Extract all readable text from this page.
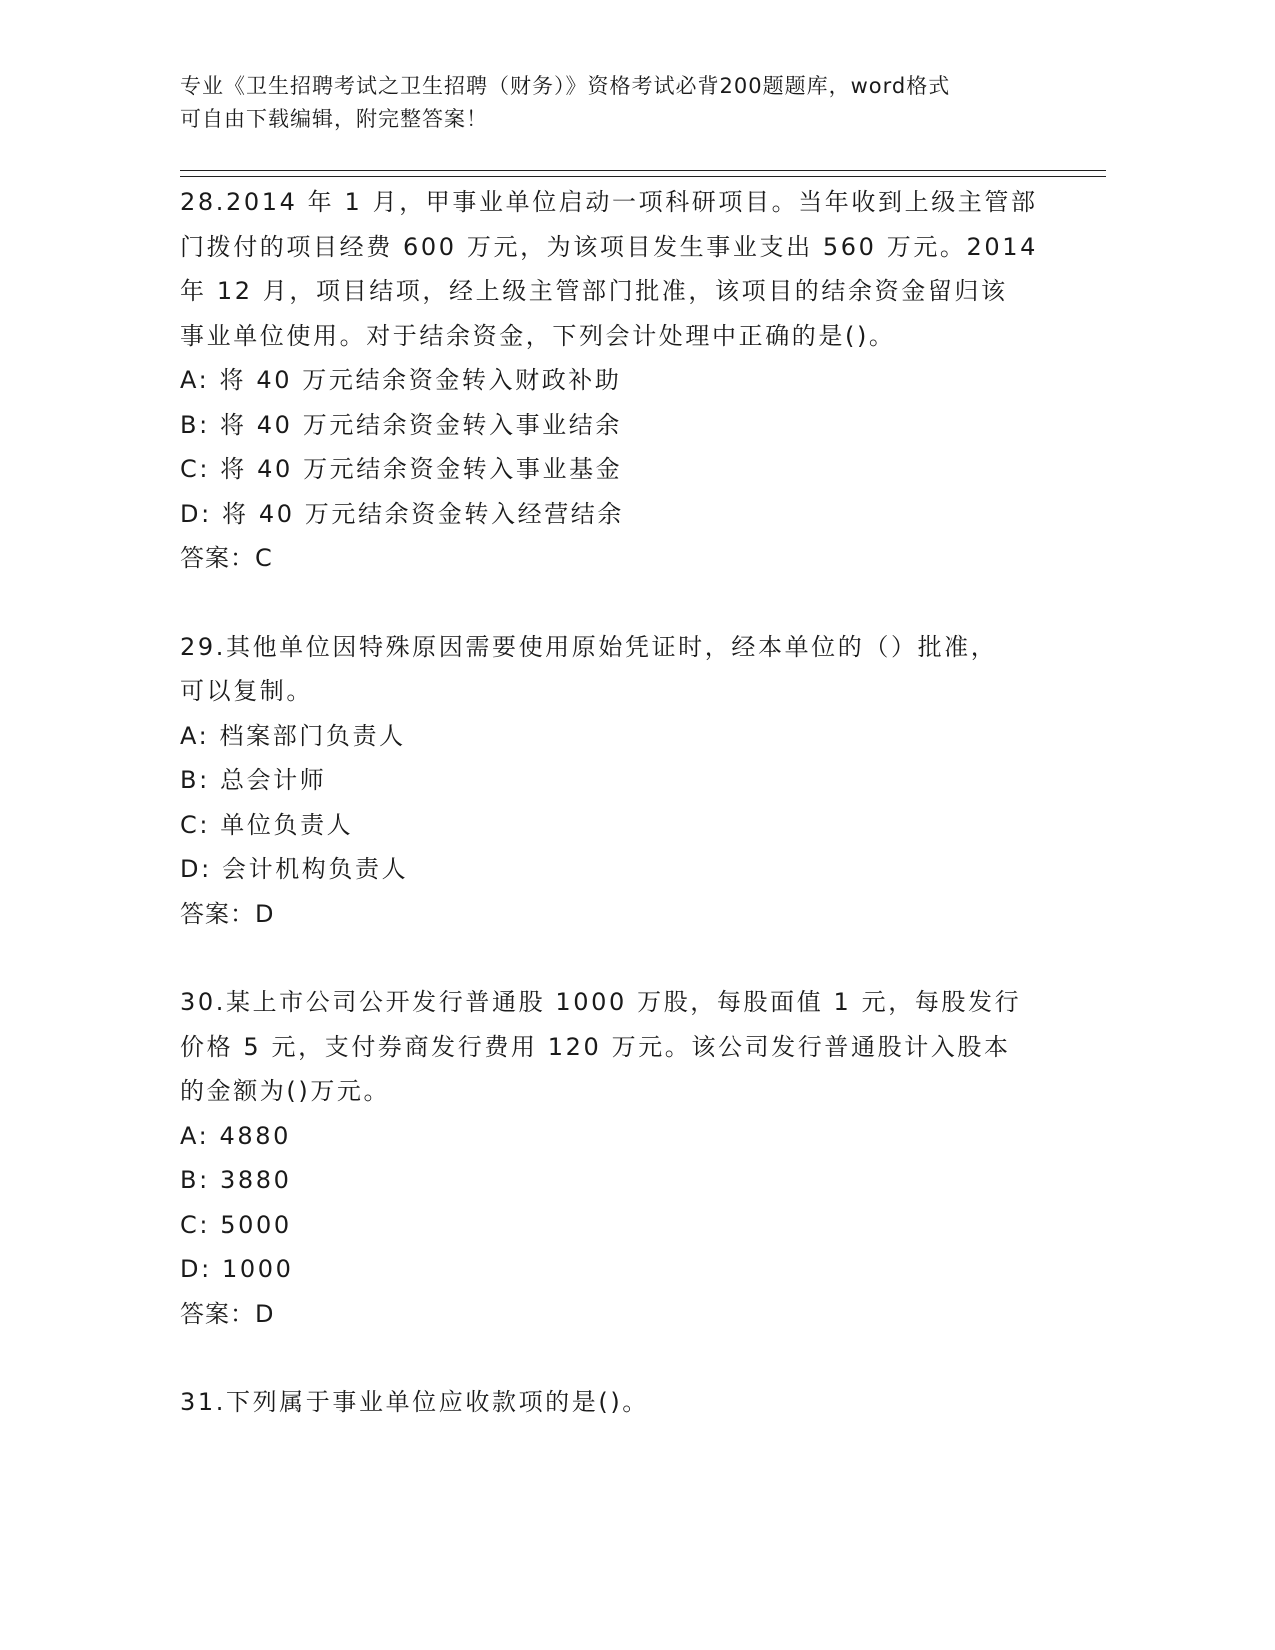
专业《卫生招聘考试之卫生招聘（财务）》资格考试必背200题题库，word格式
可自由下载编辑，附完整答案！
28.2014 年 1 月，甲事业单位启动一项科研项目。当年收到上级主管部
门拨付的项目经费 600 万元，为该项目发生事业支出 560 万元。2014
年 12 月，项目结项，经上级主管部门批准，该项目的结余资金留归该
事业单位使用。对于结余资金，下列会计处理中正确的是()。
A: 将 40 万元结余资金转入财政补助
B: 将 40 万元结余资金转入事业结余
C: 将 40 万元结余资金转入事业基金
D: 将 40 万元结余资金转入经营结余
答案：C
29.其他单位因特殊原因需要使用原始凭证时，经本单位的（）批准，
可以复制。
A: 档案部门负责人
B: 总会计师
C: 单位负责人
D: 会计机构负责人
答案：D
30.某上市公司公开发行普通股 1000 万股，每股面值 1 元，每股发行
价格 5 元，支付券商发行费用 120 万元。该公司发行普通股计入股本
的金额为()万元。
A: 4880
B: 3880
C: 5000
D: 1000
答案：D
31.下列属于事业单位应收款项的是()。
